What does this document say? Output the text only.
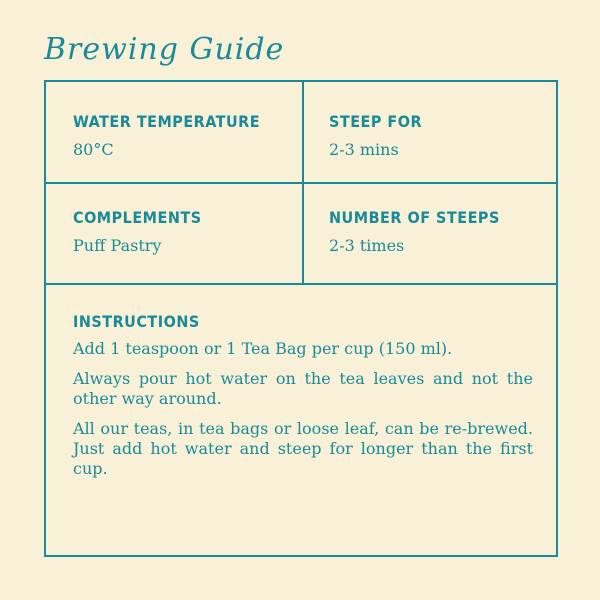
Brewing Guide
WATER TEMPERATURE
80°C
STEEP FOR
2-3 mins
COMPLEMENTS
Puff Pastry
NUMBER OF STEEPS
2-3 times
INSTRUCTIONS

Add 1 teaspoon or 1 Tea Bag per cup (150 ml).

Always pour hot water on the tea leaves and not the other way around.

All our teas, in tea bags or loose leaf, can be re-brewed. Just add hot water and steep for longer than the first cup.
